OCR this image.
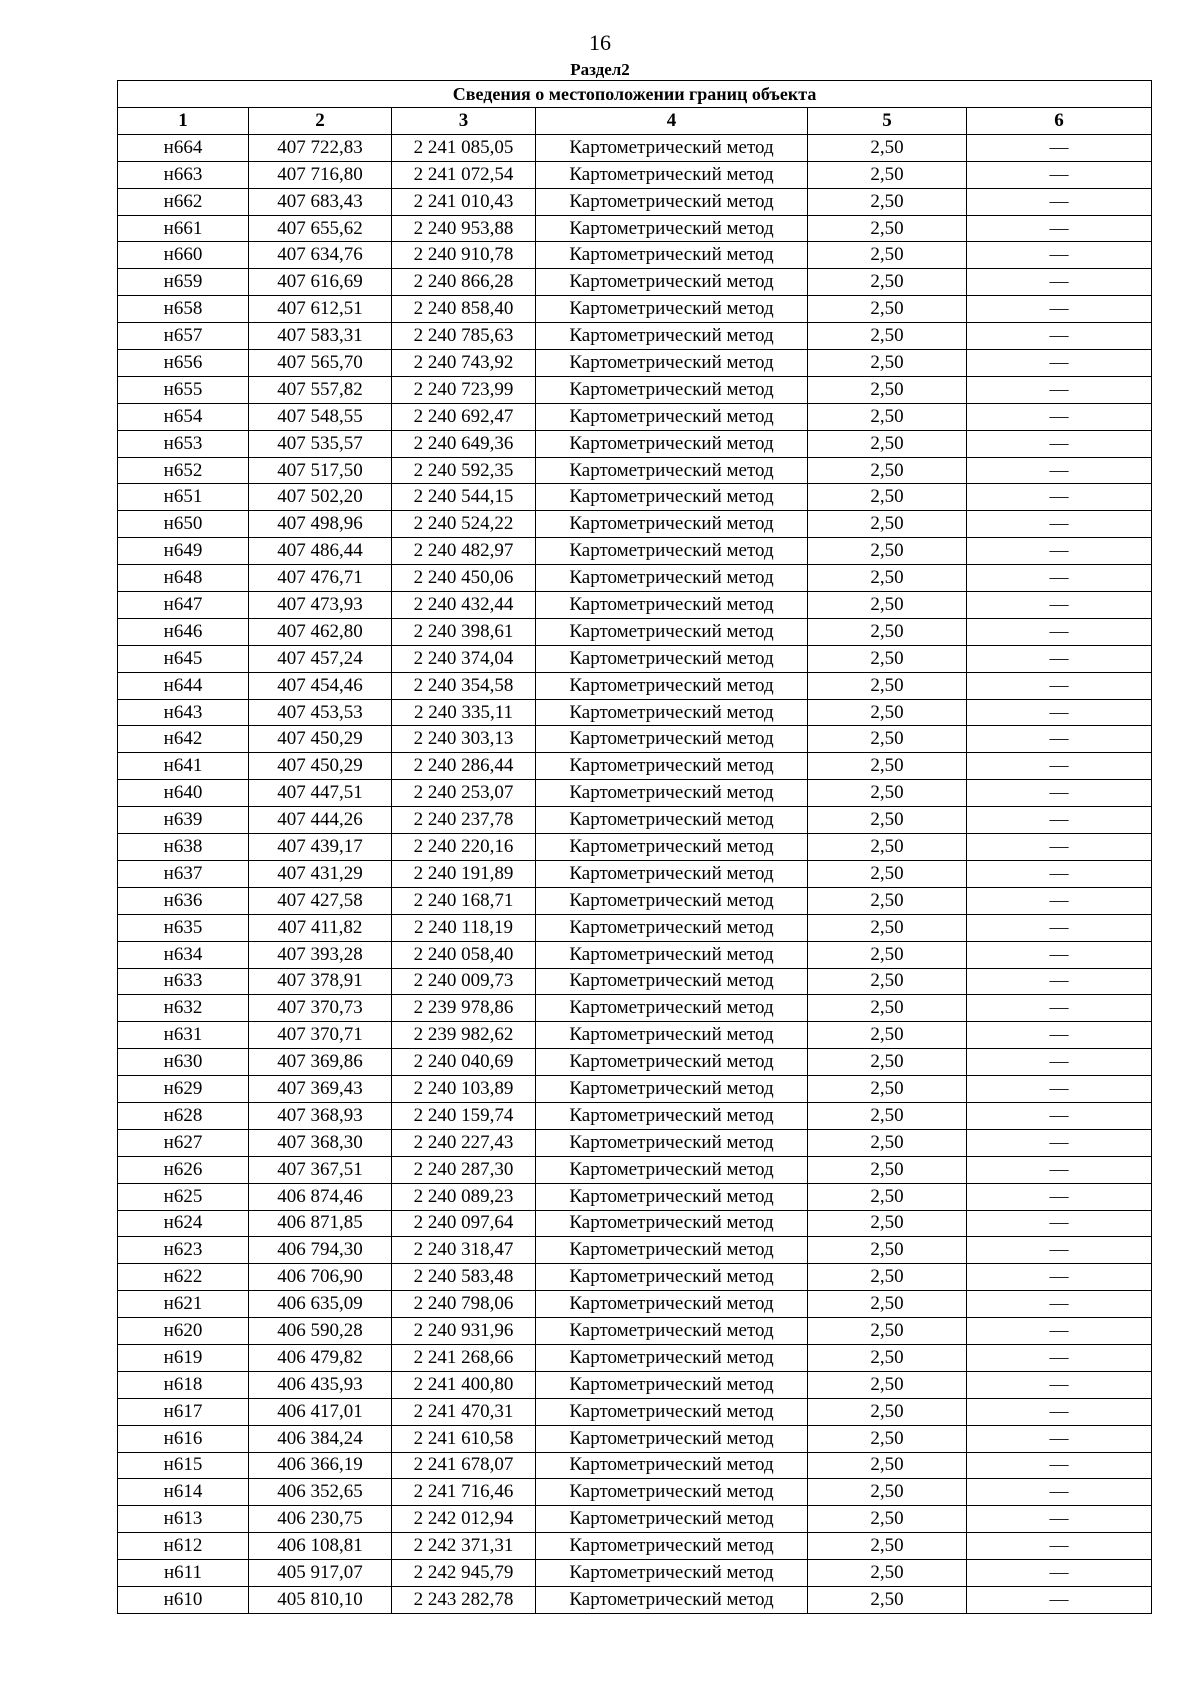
16
Раздел2
Сведения о местоположении границ объекта					
1	2	3	4	5	6
н664	407 722,83	2 241 085,05	Картометрический метод	2,50	—
н663	407 716,80	2 241 072,54	Картометрический метод	2,50	—
н662	407 683,43	2 241 010,43	Картометрический метод	2,50	—
н661	407 655,62	2 240 953,88	Картометрический метод	2,50	—
н660	407 634,76	2 240 910,78	Картометрический метод	2,50	—
н659	407 616,69	2 240 866,28	Картометрический метод	2,50	—
н658	407 612,51	2 240 858,40	Картометрический метод	2,50	—
н657	407 583,31	2 240 785,63	Картометрический метод	2,50	—
н656	407 565,70	2 240 743,92	Картометрический метод	2,50	—
н655	407 557,82	2 240 723,99	Картометрический метод	2,50	—
н654	407 548,55	2 240 692,47	Картометрический метод	2,50	—
н653	407 535,57	2 240 649,36	Картометрический метод	2,50	—
н652	407 517,50	2 240 592,35	Картометрический метод	2,50	—
н651	407 502,20	2 240 544,15	Картометрический метод	2,50	—
н650	407 498,96	2 240 524,22	Картометрический метод	2,50	—
н649	407 486,44	2 240 482,97	Картометрический метод	2,50	—
н648	407 476,71	2 240 450,06	Картометрический метод	2,50	—
н647	407 473,93	2 240 432,44	Картометрический метод	2,50	—
н646	407 462,80	2 240 398,61	Картометрический метод	2,50	—
н645	407 457,24	2 240 374,04	Картометрический метод	2,50	—
н644	407 454,46	2 240 354,58	Картометрический метод	2,50	—
н643	407 453,53	2 240 335,11	Картометрический метод	2,50	—
н642	407 450,29	2 240 303,13	Картометрический метод	2,50	—
н641	407 450,29	2 240 286,44	Картометрический метод	2,50	—
н640	407 447,51	2 240 253,07	Картометрический метод	2,50	—
н639	407 444,26	2 240 237,78	Картометрический метод	2,50	—
н638	407 439,17	2 240 220,16	Картометрический метод	2,50	—
н637	407 431,29	2 240 191,89	Картометрический метод	2,50	—
н636	407 427,58	2 240 168,71	Картометрический метод	2,50	—
н635	407 411,82	2 240 118,19	Картометрический метод	2,50	—
н634	407 393,28	2 240 058,40	Картометрический метод	2,50	—
н633	407 378,91	2 240 009,73	Картометрический метод	2,50	—
н632	407 370,73	2 239 978,86	Картометрический метод	2,50	—
н631	407 370,71	2 239 982,62	Картометрический метод	2,50	—
н630	407 369,86	2 240 040,69	Картометрический метод	2,50	—
н629	407 369,43	2 240 103,89	Картометрический метод	2,50	—
н628	407 368,93	2 240 159,74	Картометрический метод	2,50	—
н627	407 368,30	2 240 227,43	Картометрический метод	2,50	—
н626	407 367,51	2 240 287,30	Картометрический метод	2,50	—
н625	406 874,46	2 240 089,23	Картометрический метод	2,50	—
н624	406 871,85	2 240 097,64	Картометрический метод	2,50	—
н623	406 794,30	2 240 318,47	Картометрический метод	2,50	—
н622	406 706,90	2 240 583,48	Картометрический метод	2,50	—
н621	406 635,09	2 240 798,06	Картометрический метод	2,50	—
н620	406 590,28	2 240 931,96	Картометрический метод	2,50	—
н619	406 479,82	2 241 268,66	Картометрический метод	2,50	—
н618	406 435,93	2 241 400,80	Картометрический метод	2,50	—
н617	406 417,01	2 241 470,31	Картометрический метод	2,50	—
н616	406 384,24	2 241 610,58	Картометрический метод	2,50	—
н615	406 366,19	2 241 678,07	Картометрический метод	2,50	—
н614	406 352,65	2 241 716,46	Картометрический метод	2,50	—
н613	406 230,75	2 242 012,94	Картометрический метод	2,50	—
н612	406 108,81	2 242 371,31	Картометрический метод	2,50	—
н611	405 917,07	2 242 945,79	Картометрический метод	2,50	—
н610	405 810,10	2 243 282,78	Картометрический метод	2,50	—
